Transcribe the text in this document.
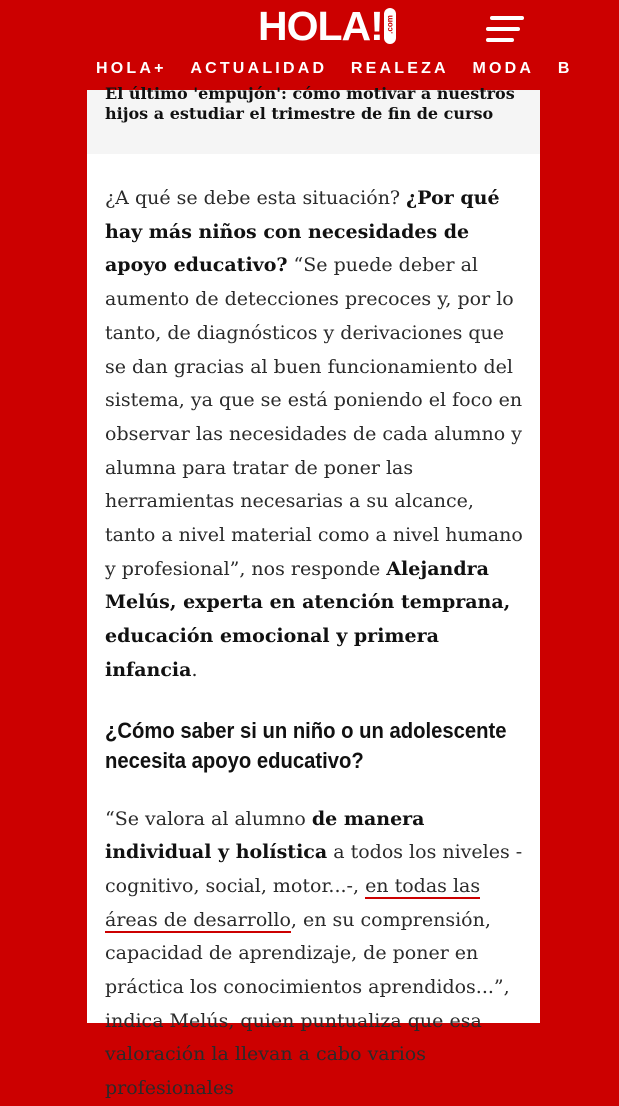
HOLA! .com
HOLA+ ACTUALIDAD REALEZA MODA B
El último 'empujón': cómo motivar a nuestros hijos a estudiar el trimestre de fin de curso

¿A qué se debe esta situación? ¿Por qué hay más niños con necesidades de apoyo educativo? “Se puede deber al aumento de detecciones precoces y, por lo tanto, de diagnósticos y derivaciones que se dan gracias al buen funcionamiento del sistema, ya que se está poniendo el foco en observar las necesidades de cada alumno y alumna para tratar de poner las herramientas necesarias a su alcance, tanto a nivel material como a nivel humano y profesional”, nos responde Alejandra Melús, experta en atención temprana, educación emocional y primera infancia.

¿Cómo saber si un niño o un adolescente necesita apoyo educativo?

“Se valora al alumno de manera individual y holística a todos los niveles -cognitivo, social, motor...-, en todas las áreas de desarrollo, en su comprensión, capacidad de aprendizaje, de poner en práctica los conocimientos aprendidos...”, indica Melús, quien puntualiza que esa valoración la llevan a cabo varios profesionales
